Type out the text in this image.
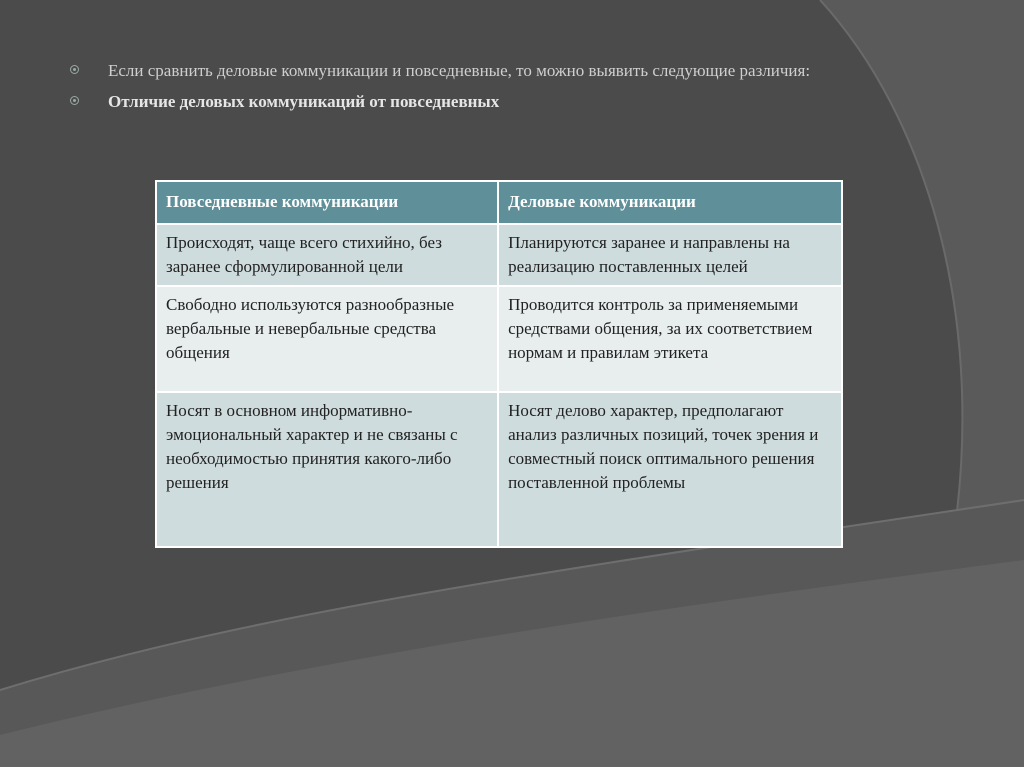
Если сравнить деловые коммуникации и повседневные, то можно выявить следующие различия:
Отличие деловых коммуникаций от повседневных
Повседневные коммуникации	Деловые коммуникации
Происходят, чаще всего стихийно, без заранее сформулированной цели	Планируются заранее и направлены на реализацию поставленных целей
Свободно используются разнообразные вербальные и невербальные средства общения	Проводится контроль за применяемыми средствами общения, за их соответствием нормам и правилам этикета
Носят в основном информативно-эмоциональный характер и не связаны с необходимостью принятия какого-либо решения	Носят делово характер, предполагают анализ различных позиций, точек зрения и совместный поиск оптимального решения поставленной проблемы
